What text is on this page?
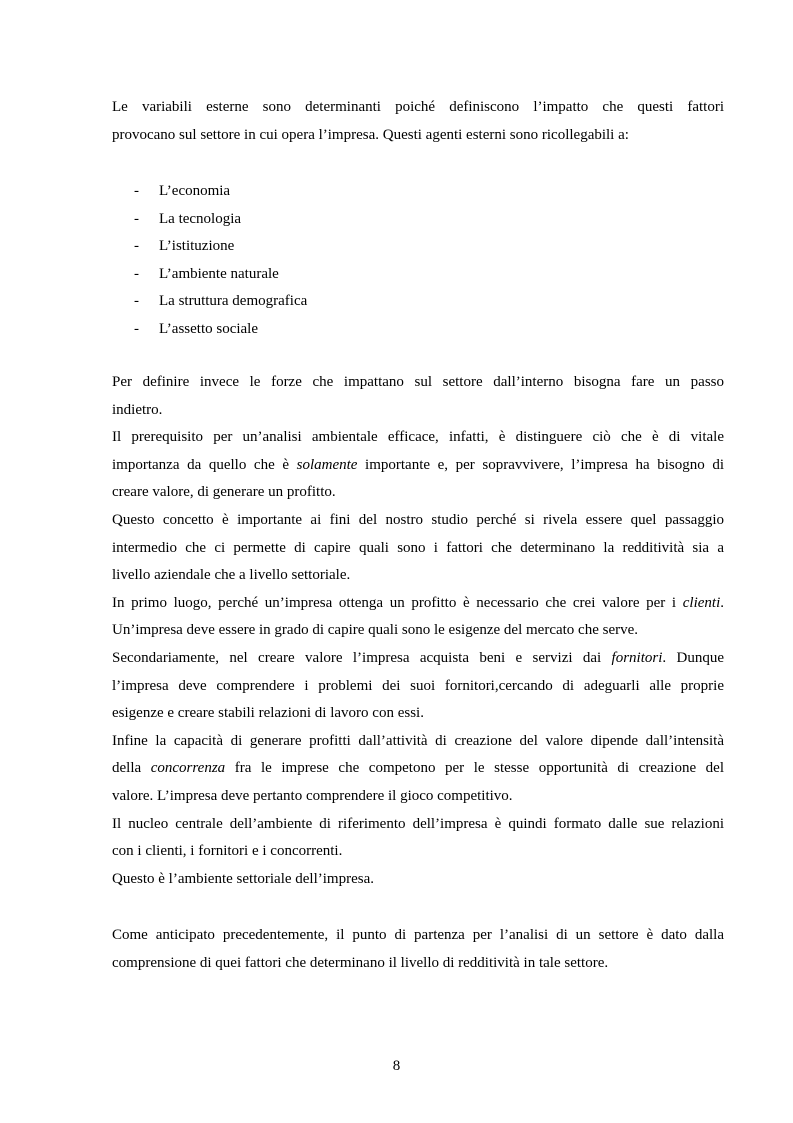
Le variabili esterne sono determinanti poiché definiscono l’impatto che questi fattori

provocano sul settore in cui opera l’impresa. Questi agenti esterni sono ricollegabili a:

- L’economia
- La tecnologia
- L’istituzione
- L’ambiente naturale
- La struttura demografica
- L’assetto sociale

Per definire invece le forze che impattano sul settore dall’interno bisogna fare un passo

indietro.

Il prerequisito per un’analisi ambientale efficace, infatti, è distinguere ciò che è di vitale

importanza da quello che è solamente importante e, per sopravvivere, l’impresa ha bisogno di

creare valore, di generare un profitto.

Questo concetto è importante ai fini del nostro studio perché si rivela essere quel passaggio

intermedio che ci permette di capire quali sono i fattori che determinano la redditività sia a

livello aziendale che a livello settoriale.

In primo luogo, perché un’impresa ottenga un profitto è necessario che crei valore per i clienti.

Un’impresa deve essere in grado di capire quali sono le esigenze del mercato che serve.

Secondariamente, nel creare valore l’impresa acquista beni e servizi dai fornitori. Dunque

l’impresa deve comprendere i problemi dei suoi fornitori,cercando di adeguarli alle proprie

esigenze e creare stabili relazioni di lavoro con essi.

Infine la capacità di generare profitti dall’attività di creazione del valore dipende dall’intensità

della concorrenza fra le imprese che competono per le stesse opportunità di creazione del

valore. L’impresa deve pertanto comprendere il gioco competitivo.

Il nucleo centrale dell’ambiente di riferimento dell’impresa è quindi formato dalle sue relazioni

con i clienti, i fornitori e i concorrenti.

Questo è l’ambiente settoriale dell’impresa.

Come anticipato precedentemente, il punto di partenza per l’analisi di un settore è dato dalla

comprensione di quei fattori che determinano il livello di redditività in tale settore.

8
